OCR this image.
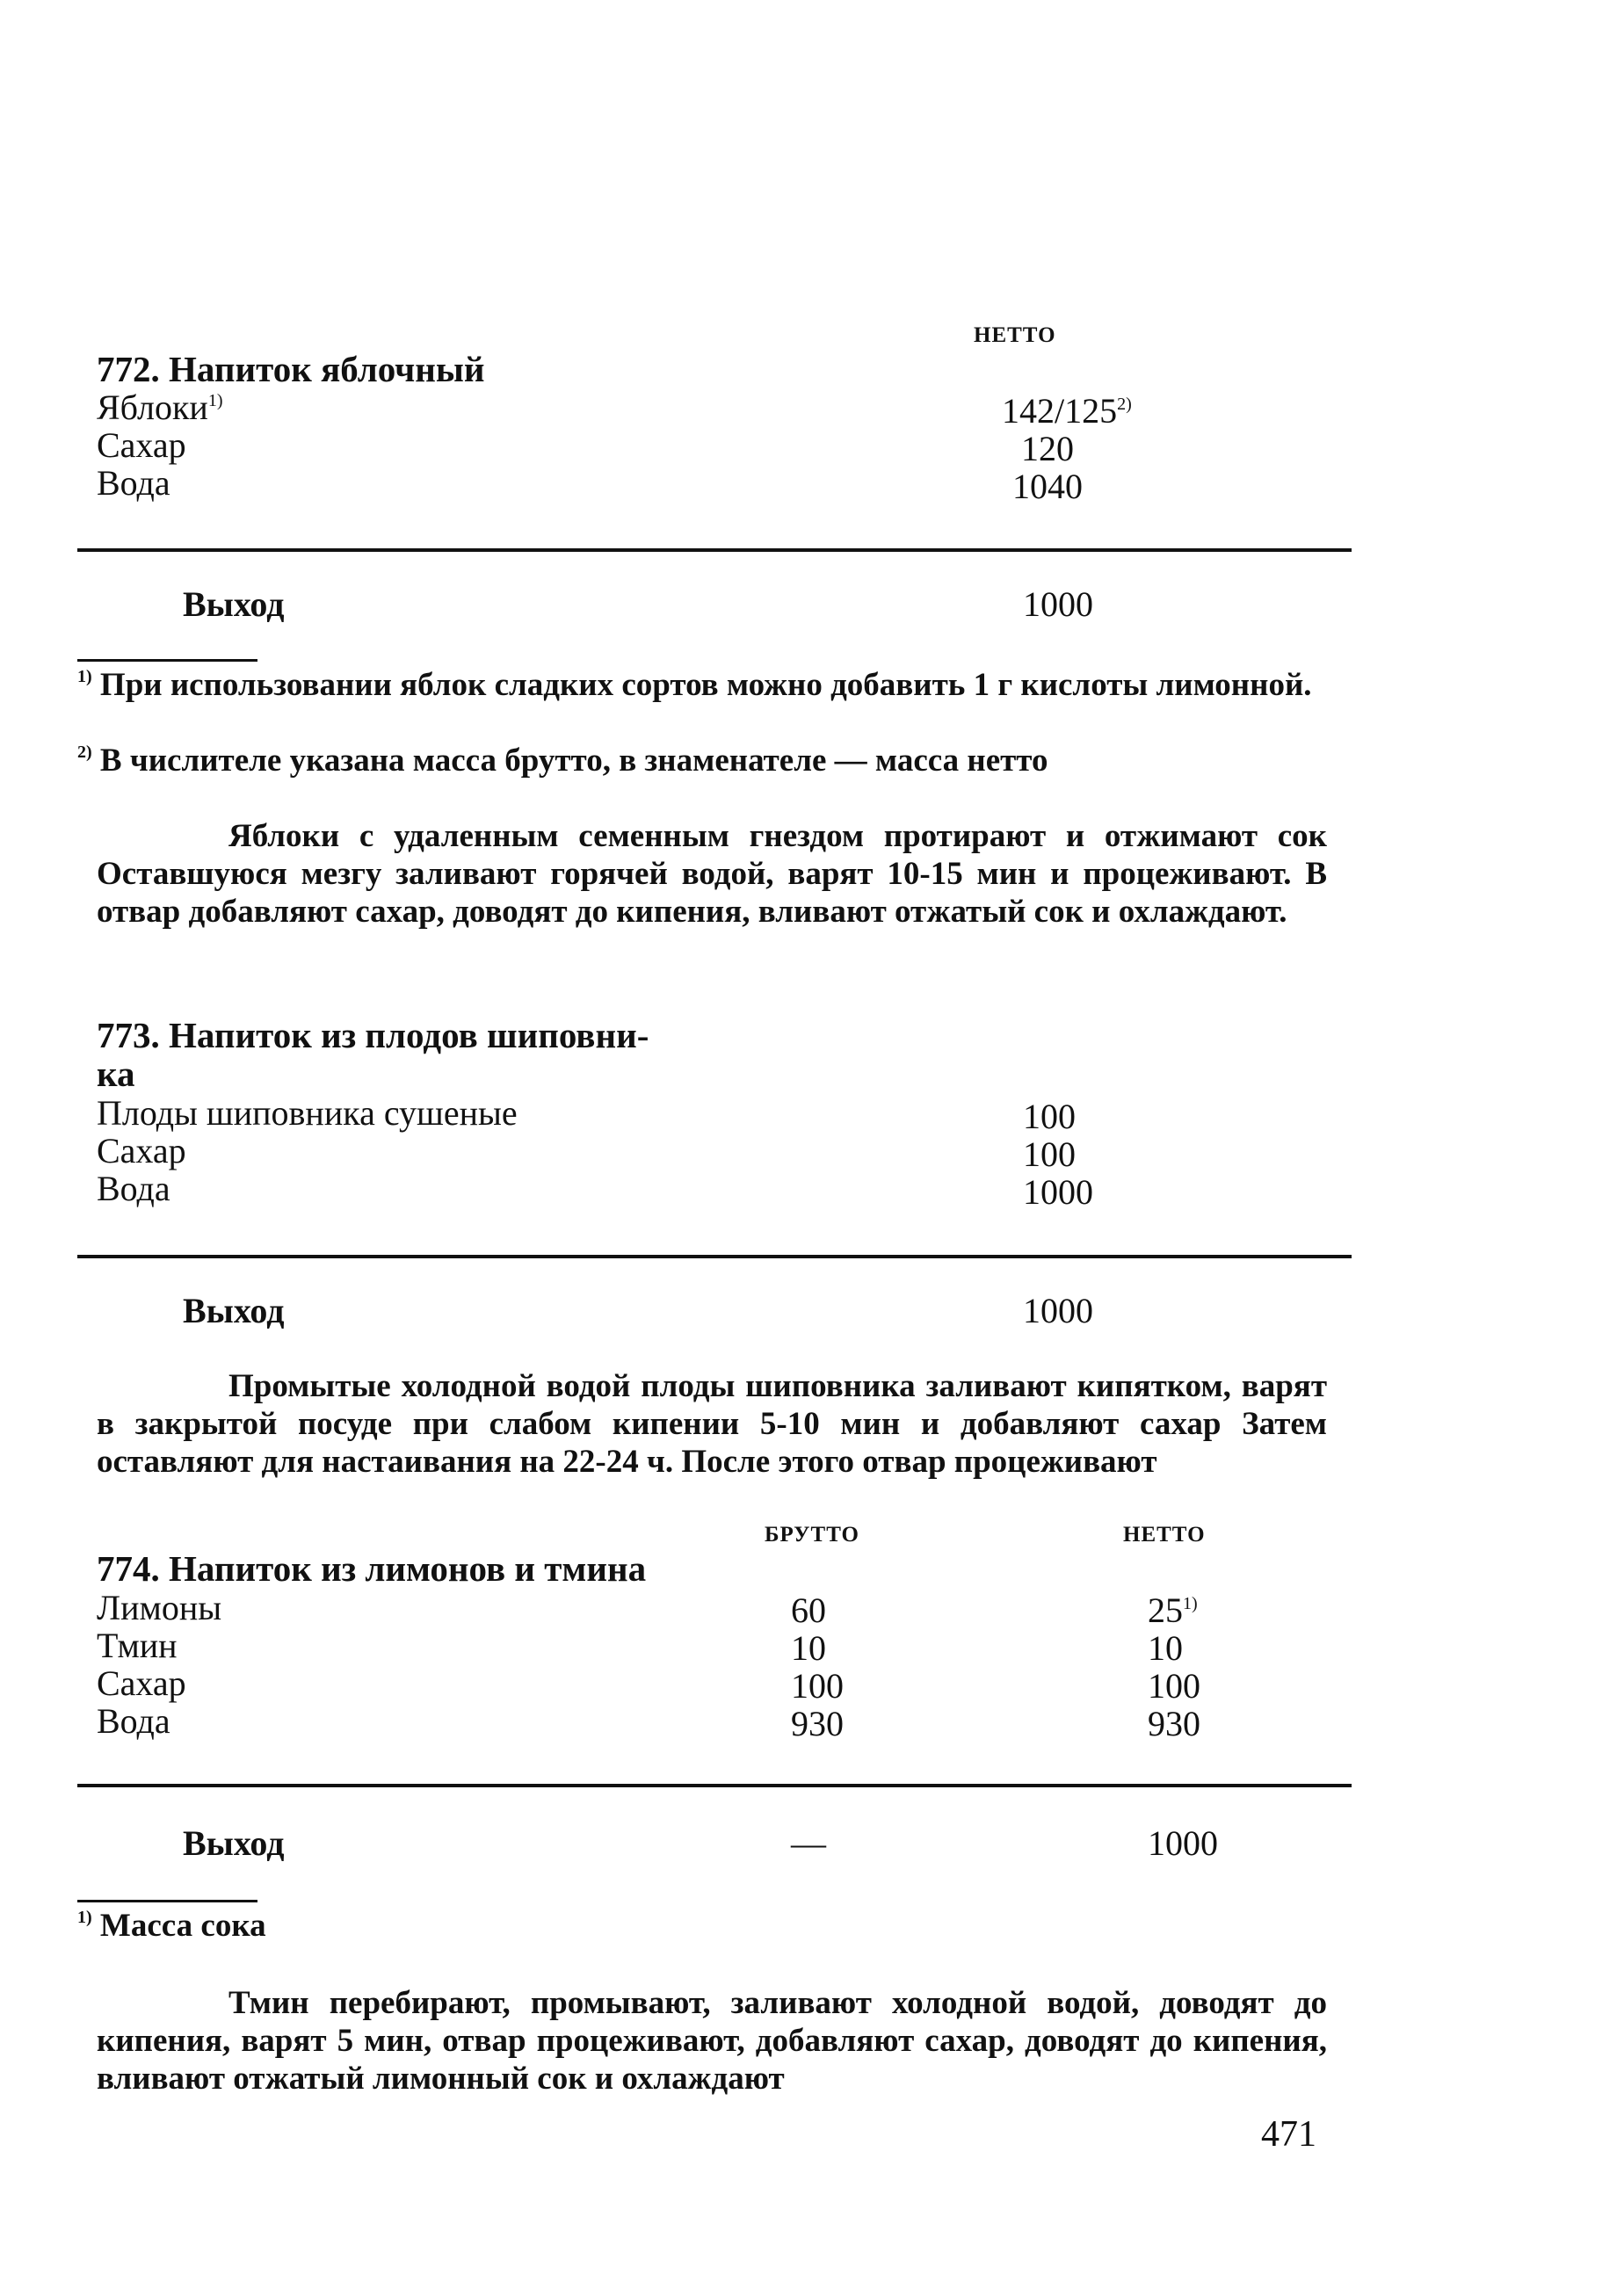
НЕТТО
772. Напиток яблочный
Яблоки$^{1)}$	142/125$^{2)}$
Сахар	120
Вода	1040
Выход	1000
$^{1)}$ При использовании яблок сладких сортов можно добавить 1 г кислоты лимонной.
$^{2)}$ В числителе указана масса брутто, в знаменателе — масса нетто
Яблоки с удаленным семенным гнездом протирают и отжимают сок Оставшуюся мезгу заливают горячей водой, варят 10-15 мин и процеживают. В отвар добавляют сахар, доводят до кипения, вливают отжатый сок и охлаждают.
773. Напиток из плодов шиповни-
ка
Плоды шиповника сушеные	100
Сахар	100
Вода	1000
Выход	1000
Промытые холодной водой плоды шиповника заливают кипятком, варят в закрытой посуде при слабом кипении 5-10 мин и добавляют сахар Затем оставляют для настаивания на 22-24 ч. После этого отвар процеживают
БРУТТО	НЕТТО
774. Напиток из лимонов и тмина
Лимоны	60	25$^{1)}$
Тмин	10	10
Сахар	100	100
Вода	930	930
Выход	—	1000
$^{1)}$ Масса сока
Тмин перебирают, промывают, заливают холодной водой, доводят до кипения, варят 5 мин, отвар процеживают, добавляют сахар, доводят до кипения, вливают отжатый лимонный сок и охлаждают
471
